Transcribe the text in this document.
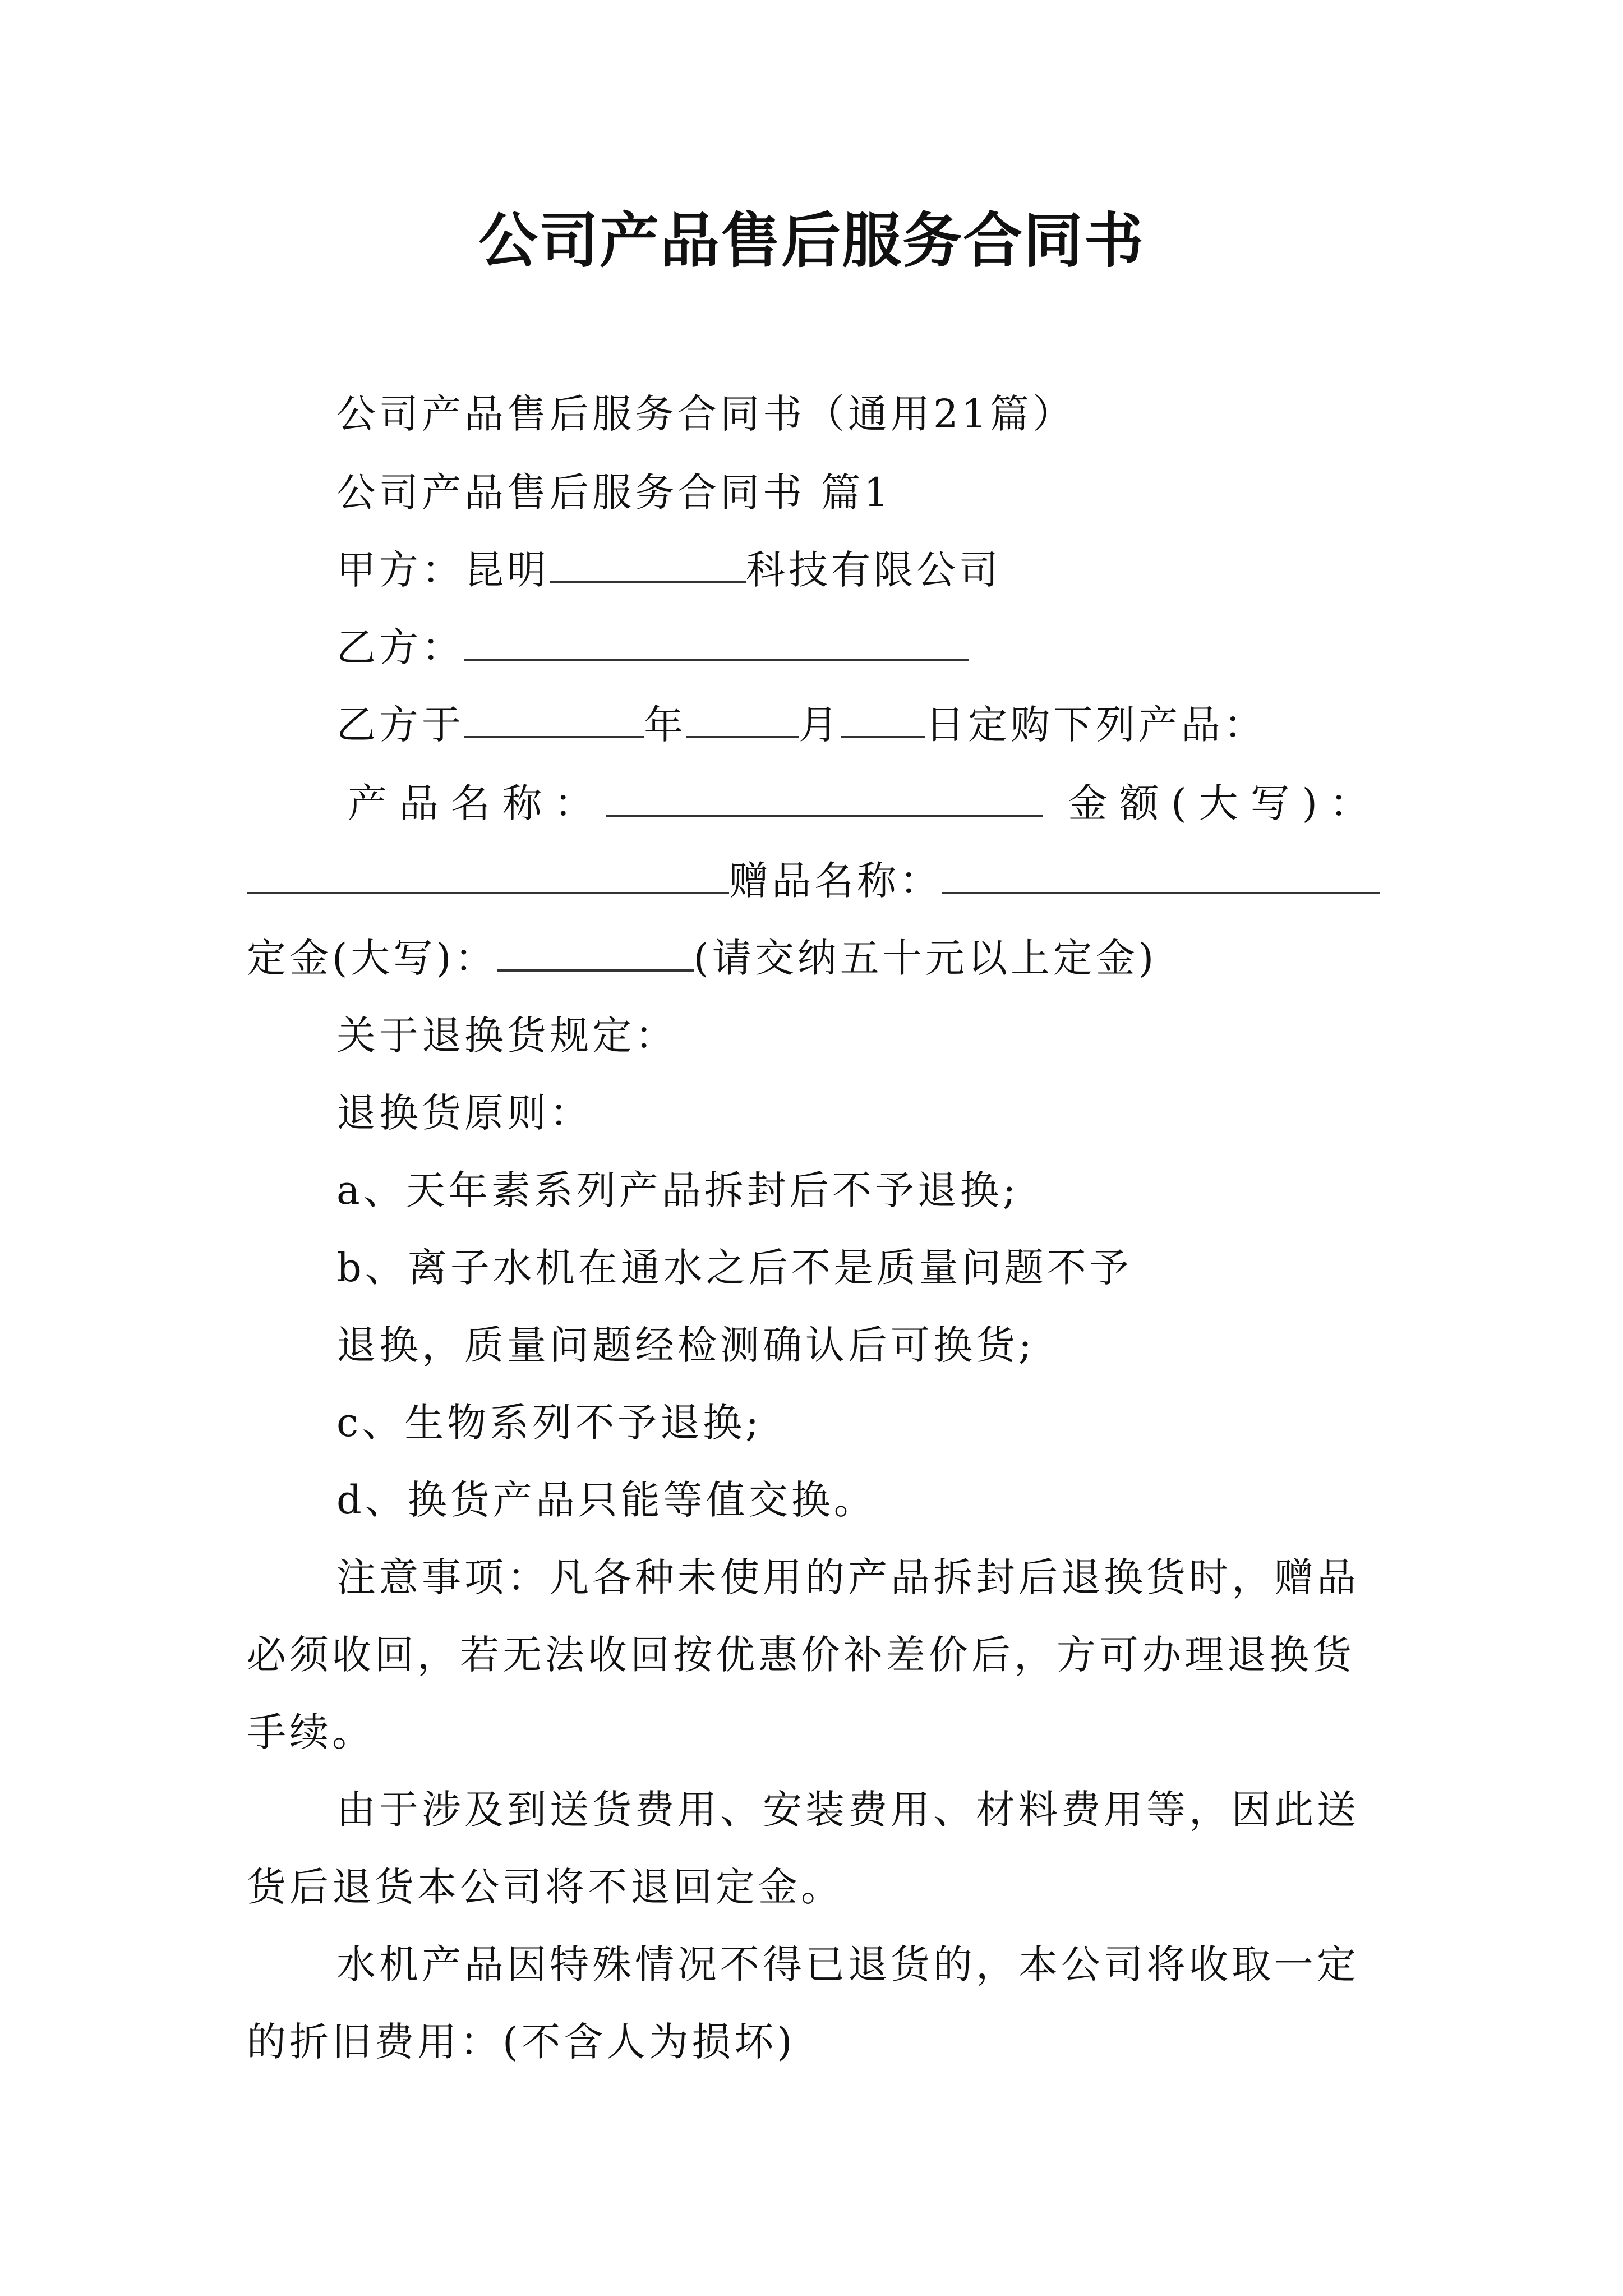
公司产品售后服务合同书
公司产品售后服务合同书（通用21篇）
公司产品售后服务合同书 篇1
甲方：昆明	科技有限公司
乙方：
乙方于	年	月 日定购下列产品：
产品名称：	金额(大写)：
赠品名称：
定金(大写)：	(请交纳五十元以上定金)
关于退换货规定：
退换货原则：
a、天年素系列产品拆封后不予退换;
b、离子水机在通水之后不是质量问题不予
退换，质量问题经检测确认后可换货;
c、生物系列不予退换;
d、换货产品只能等值交换。
注意事项：凡各种未使用的产品拆封后退换货时，赠品
必须收回，若无法收回按优惠价补差价后，方可办理退换货
手续。
由于涉及到送货费用、安装费用、材料费用等，因此送
货后退货本公司将不退回定金。
水机产品因特殊情况不得已退货的，本公司将收取一定
的折旧费用：(不含人为损坏)
